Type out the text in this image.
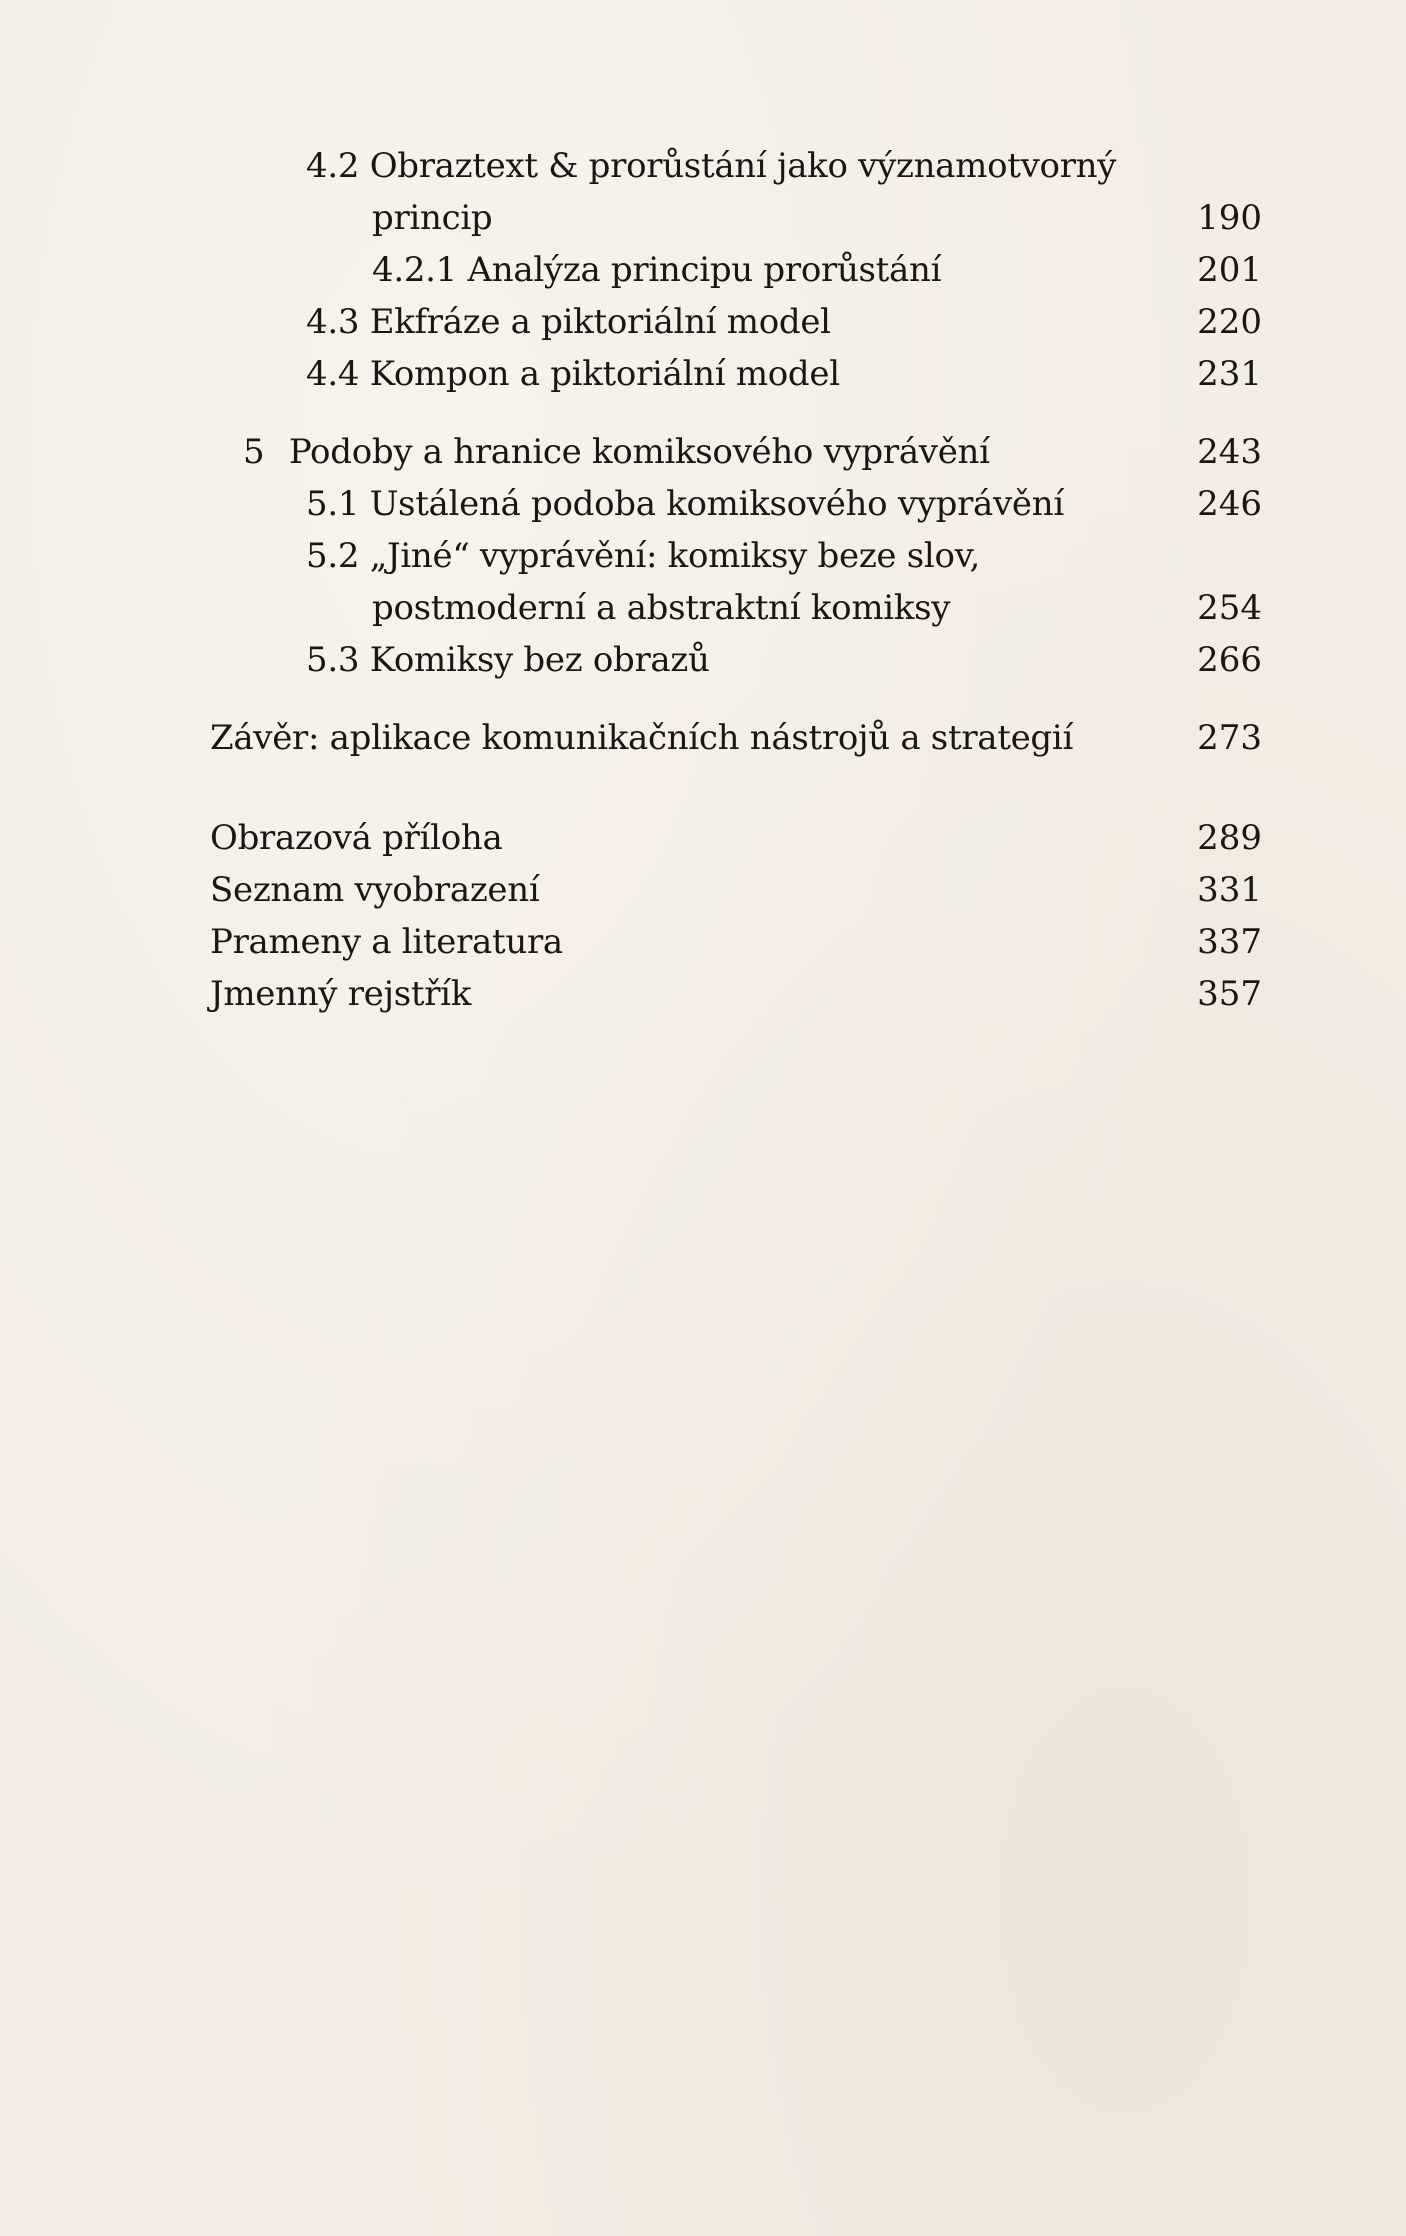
4.2 Obraztext & prorůstání jako významotvorný
princip	190
4.2.1 Analýza principu prorůstání	201
4.3 Ekfráze a piktoriální model	220
4.4 Kompon a piktoriální model	231
5 Podoby a hranice komiksového vyprávění	243
5.1 Ustálená podoba komiksového vyprávění	246
5.2 „Jiné“ vyprávění: komiksy beze slov,
postmoderní a abstraktní komiksy	254
5.3 Komiksy bez obrazů	266
Závěr: aplikace komunikačních nástrojů a strategií	273
Obrazová příloha	289
Seznam vyobrazení	331
Prameny a literatura	337
Jmenný rejstřík	357
